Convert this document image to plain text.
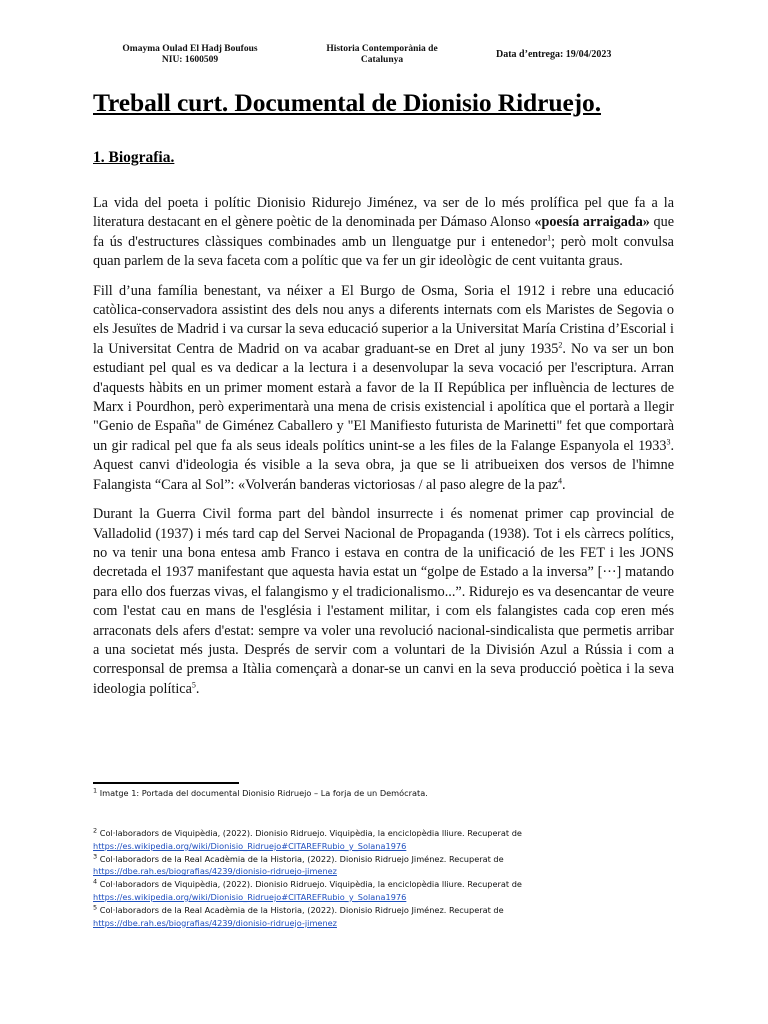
Omayma Oulad El Hadj Boufous
NIU: 1600509
Historia Contemporània de
Catalunya	Data d’entrega: 19/04/2023
Treball curt. Documental de Dionisio Ridruejo.
1. Biografia.

La vida del poeta i polític Dionisio Ridurejo Jiménez, va ser de lo més prolífica pel que fa a la literatura destacant en el gènere poètic de la denominada per Dámaso Alonso «poesía arraigada» que fa ús d'estructures clàssiques combinades amb un llenguatge pur i entenedor$^1$; però molt convulsa quan parlem de la seva faceta com a polític que va fer un gir ideològic de cent vuitanta graus.

Fill d’una família benestant, va néixer a El Burgo de Osma, Soria el 1912 i rebre una educació catòlica-conservadora assistint des dels nou anys a diferents internats com els Maristes de Segovia o els Jesuïtes de Madrid i va cursar la seva educació superior a la Universitat María Cristina d’Escorial i la Universitat Centra de Madrid on va acabar graduant-se en Dret al juny 1935$^2$. No va ser un bon estudiant pel qual es va dedicar a la lectura i a desenvolupar la seva vocació per l'escriptura. Arran d'aquests hàbits en un primer moment estarà a favor de la II República per influència de lectures de Marx i Pourdhon, però experimentarà una mena de crisis existencial i apolítica que el portarà a llegir "Genio de España" de Giménez Caballero y "El Manifiesto futurista de Marinetti" fet que comportarà un gir radical pel que fa als seus ideals polítics unint-se a les files de la Falange Espanyola el 1933$^3$. Aquest canvi d'ideologia és visible a la seva obra, ja que se li atribueixen dos versos de l'himne Falangista “Cara al Sol”: «Volverán banderas victoriosas / al paso alegre de la paz$^4$.

Durant la Guerra Civil forma part del bàndol insurrecte i és nomenat primer cap provincial de Valladolid (1937) i més tard cap del Servei Nacional de Propaganda (1938). Tot i els càrrecs polítics, no va tenir una bona entesa amb Franco i estava en contra de la unificació de les FET i les JONS decretada el 1937 manifestant que aquesta havia estat un “golpe de Estado a la inversa” [···] matando para ello dos fuerzas vivas, el falangismo y el tradicionalismo...”. Ridurejo es va desencantar de veure com l'estat cau en mans de l'església i l'estament militar, i com els falangistes cada cop eren més arraconats dels afers d'estat: sempre va voler una revolució nacional-sindicalista que permetis arribar a una societat més justa. Després de servir com a voluntari de la División Azul a Rússia i com a corresponsal de premsa a Itàlia començarà a donar-se un canvi en la seva producció poètica i la seva ideologia política$^5$.

$^1$ Imatge 1: Portada del documental Dionisio Ridruejo – La forja de un Demócrata.
$^2$ Col·laboradors de Viquipèdia, (2022). Dionisio Ridruejo. Viquipèdia, la enciclopèdia lliure. Recuperat de
https://es.wikipedia.org/wiki/Dionisio_Ridruejo#CITAREFRubio_y_Solana1976
$^3$ Col·laboradors de la Real Acadèmia de la Historia, (2022). Dionisio Ridruejo Jiménez. Recuperat de
https://dbe.rah.es/biografias/4239/dionisio-ridruejo-jimenez
$^4$ Col·laboradors de Viquipèdia, (2022). Dionisio Ridruejo. Viquipèdia, la enciclopèdia lliure. Recuperat de
https://es.wikipedia.org/wiki/Dionisio_Ridruejo#CITAREFRubio_y_Solana1976
$^5$ Col·laboradors de la Real Acadèmia de la Historia, (2022). Dionisio Ridruejo Jiménez. Recuperat de
https://dbe.rah.es/biografias/4239/dionisio-ridruejo-jimenez
